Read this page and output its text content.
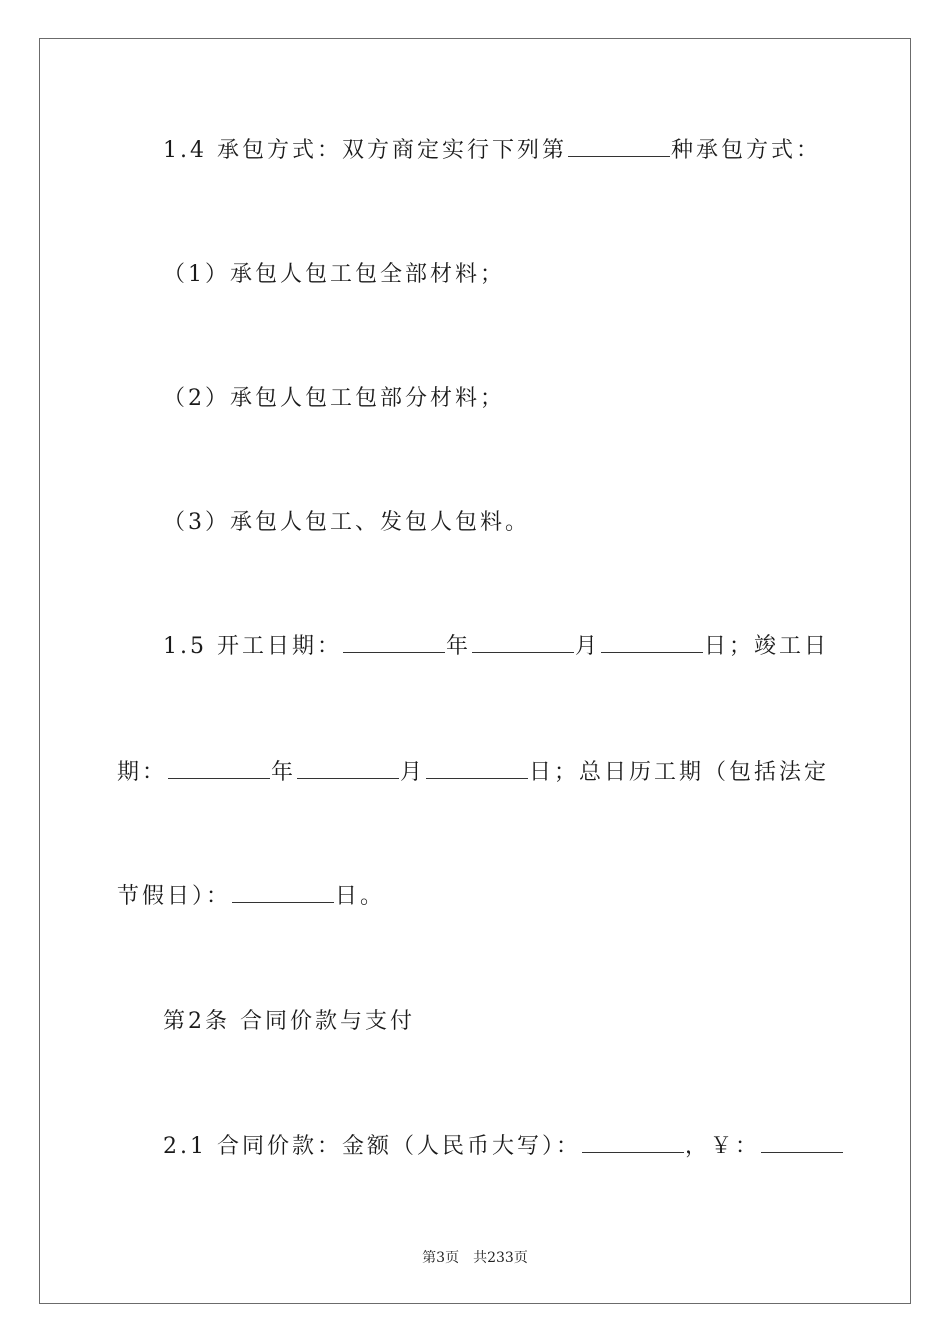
1.4 承包方式：双方商定实行下列第	种承包方式：
（1）承包人包工包全部材料；
（2）承包人包工包部分材料；
（3）承包人包工、发包人包料。
1.5 开工日期：	年	月	日；竣工日
期：	年	月	日；总日历工期（包括法定
节假日）：	日。
第2条 合同价款与支付
2.1 合同价款：金额（人民币大写）：	，￥：
第3页 共233页
